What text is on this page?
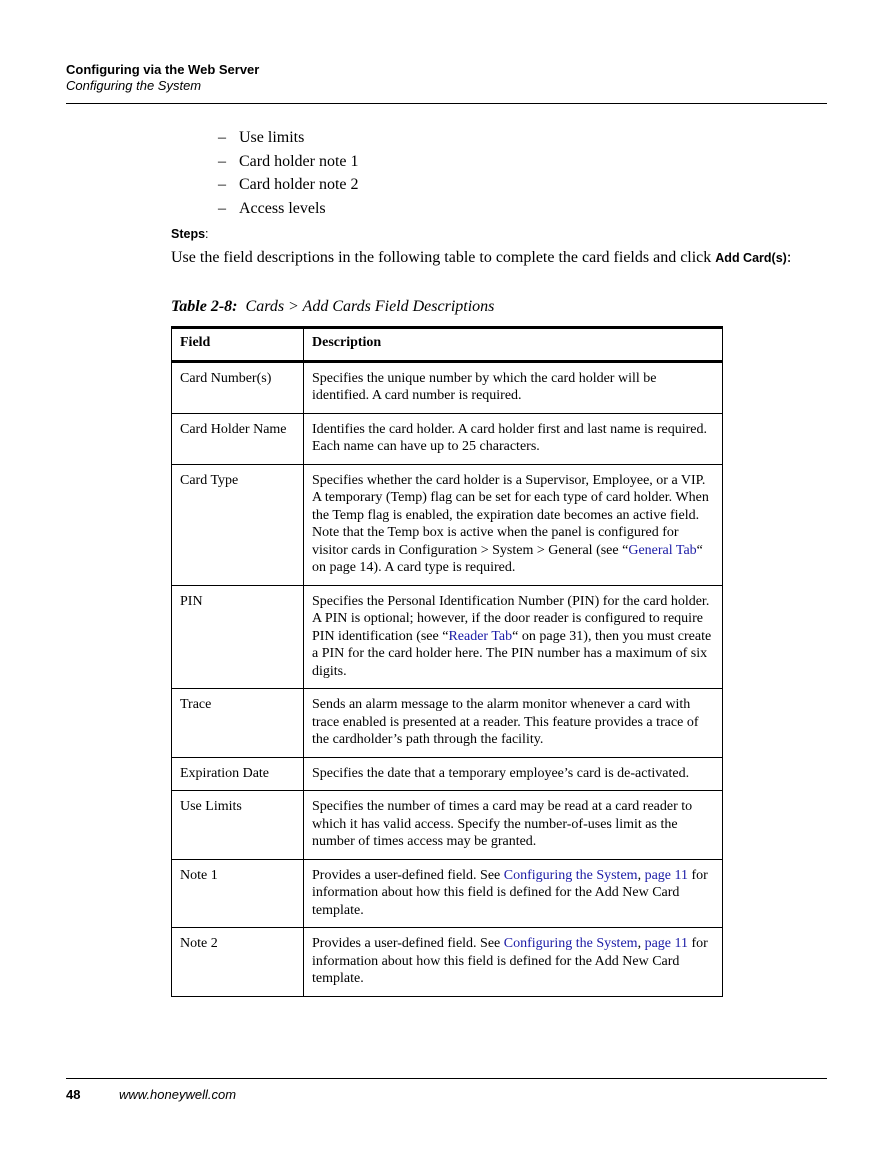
Configuring via the Web Server
Configuring the System
– Use limits
– Card holder note 1
– Card holder note 2
– Access levels
Steps:
Use the field descriptions in the following table to complete the card fields and click Add Card(s):
Table 2-8: Cards > Add Cards Field Descriptions
Field	Description
Card Number(s)	Specifies the unique number by which the card holder will be identified. A card number is required.
Card Holder Name	Identifies the card holder. A card holder first and last name is required. Each name can have up to 25 characters.
Card Type	Specifies whether the card holder is a Supervisor, Employee, or a VIP. A temporary (Temp) flag can be set for each type of card holder. When the Temp flag is enabled, the expiration date becomes an active field. Note that the Temp box is active when the panel is configured for visitor cards in Configuration > System > General (see “General Tab“ on page 14). A card type is required.
PIN	Specifies the Personal Identification Number (PIN) for the card holder. A PIN is optional; however, if the door reader is configured to require PIN identification (see “Reader Tab“ on page 31), then you must create a PIN for the card holder here. The PIN number has a maximum of six digits.
Trace	Sends an alarm message to the alarm monitor whenever a card with trace enabled is presented at a reader. This feature provides a trace of the cardholder’s path through the facility.
Expiration Date	Specifies the date that a temporary employee’s card is de-activated.
Use Limits	Specifies the number of times a card may be read at a card reader to which it has valid access. Specify the number-of-uses limit as the number of times access may be granted.
Note 1	Provides a user-defined field. See Configuring the System, page 11 for information about how this field is defined for the Add New Card template.
Note 2	Provides a user-defined field. See Configuring the System, page 11 for information about how this field is defined for the Add New Card template.
48	www.honeywell.com
